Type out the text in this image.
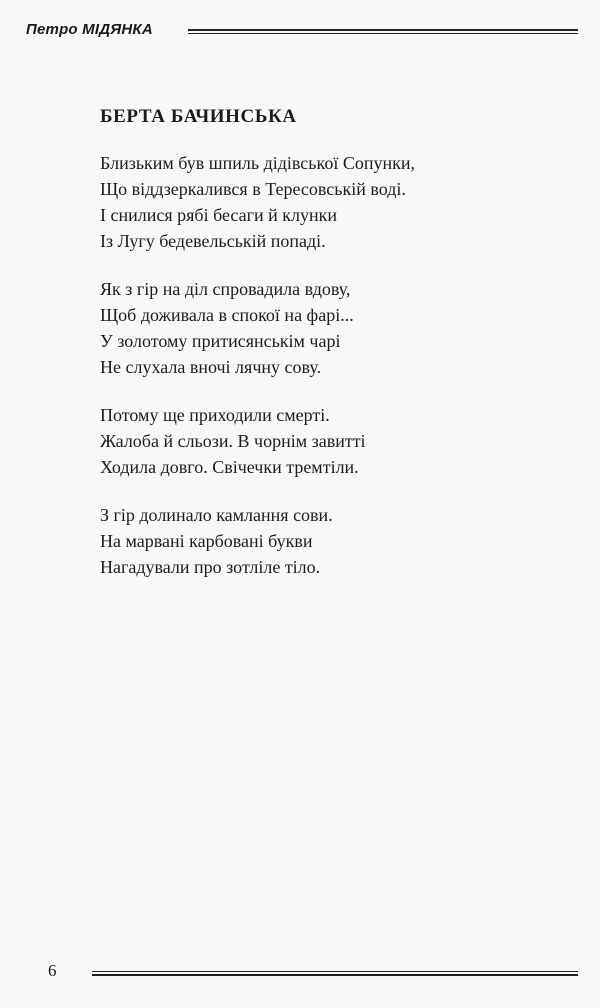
Петро МІДЯНКА
БЕРТА БАЧИНСЬКА
Близьким був шпиль дідівської Сопунки,
Що віддзеркалився в Тересовській воді.
І снилися рябі бесаги й клунки
Із Лугу бедевельській попаді.
Як з гір на діл спровадила вдову,
Щоб доживала в спокої на фарі...
У золотому притисянськім чарі
Не слухала вночі лячну сову.
Потому ще приходили смерті.
Жалоба й сльози. В чорнім завитті
Ходила довго. Свічечки тремтіли.
З гір долинало камлання сови.
На марвані карбовані букви
Нагадували про зотліле тіло.
6
